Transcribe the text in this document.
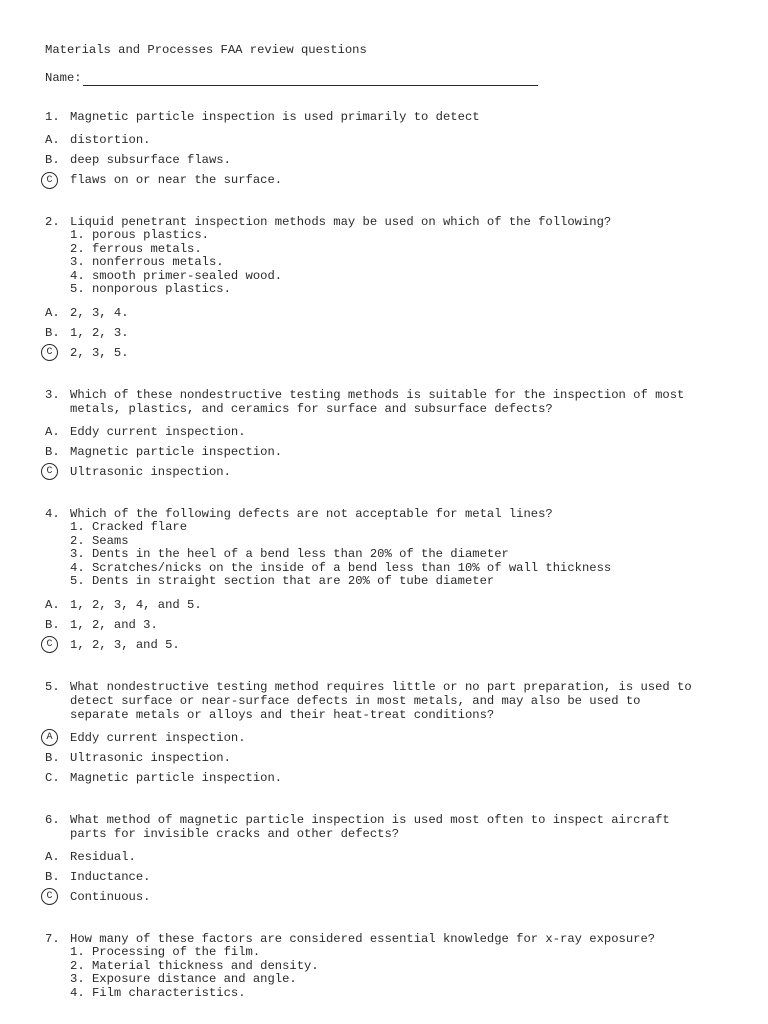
Materials and Processes FAA review questions
Name:
1. Magnetic particle inspection is used primarily to detect
A. distortion.
B. deep subsurface flaws.
C	flaws on or near the surface.
2. Liquid penetrant inspection methods may be used on which of the following?
1. porous plastics.
2. ferrous metals.
3. nonferrous metals.
4. smooth primer-sealed wood.
5. nonporous plastics.
A. 2, 3, 4.
B. 1, 2, 3.
C	2, 3, 5.
3. Which of these nondestructive testing methods is suitable for the inspection of most
metals, plastics, and ceramics for surface and subsurface defects?
A. Eddy current inspection.
B. Magnetic particle inspection.
C	Ultrasonic inspection.
4. Which of the following defects are not acceptable for metal lines?
1. Cracked flare
2. Seams
3. Dents in the heel of a bend less than 20% of the diameter
4. Scratches/nicks on the inside of a bend less than 10% of wall thickness
5. Dents in straight section that are 20% of tube diameter
A. 1, 2, 3, 4, and 5.
B. 1, 2, and 3.
C	1, 2, 3, and 5.
5. What nondestructive testing method requires little or no part preparation, is used to
detect surface or near-surface defects in most metals, and may also be used to
separate metals or alloys and their heat-treat conditions?
A	Eddy current inspection.
B. Ultrasonic inspection.
C. Magnetic particle inspection.
6. What method of magnetic particle inspection is used most often to inspect aircraft
parts for invisible cracks and other defects?
A. Residual.
B. Inductance.
C	Continuous.
7. How many of these factors are considered essential knowledge for x-ray exposure?
1. Processing of the film.
2. Material thickness and density.
3. Exposure distance and angle.
4. Film characteristics.
